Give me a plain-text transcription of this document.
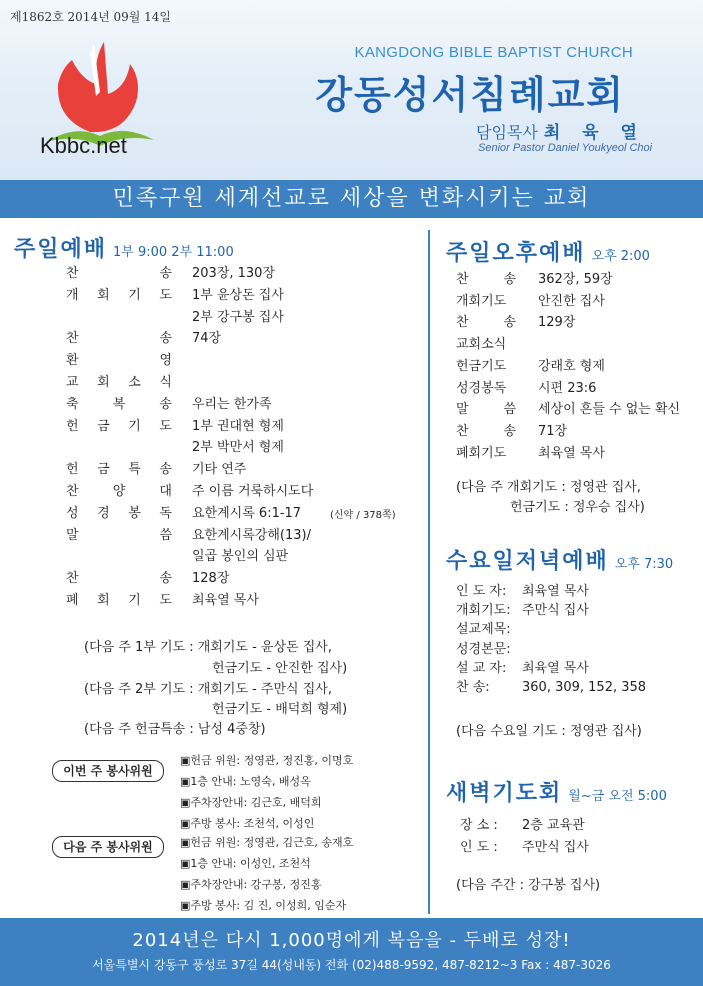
제1862호 2014년 09월 14일
Kbbc.net
KANGDONG BIBLE BAPTIST CHURCH
강동성서침례교회
담임목사 최 육 열
Senior Pastor Daniel Youkyeol Choi
민족구원 세계선교로 세상을 변화시키는 교회
주일예배 1부 9:00 2부 11:00
찬 송 203장, 130장
개 회 기 도 1부 윤상돈 집사
2부 강구봉 집사
찬 송 74장
환 영
교 회 소 식
축 복 송 우리는 한가족
헌 금 기 도 1부 권대현 형제
2부 박만서 형제
헌 금 특 송 기타 연주
찬 양 대 주 이름 거룩하시도다
성 경 봉 독 요한계시록 6:1-17	(신약 / 378쪽)
말 씀 요한계시록강해(13)/
일곱 봉인의 심판
찬 송 128장
폐 회 기 도 최육열 목사
(다음 주 1부 기도 : 개회기도 - 윤상돈 집사,
헌금기도 - 안진한 집사)
(다음 주 2부 기도 : 개회기도 - 주만식 집사,
헌금기도 - 배덕희 형제)
(다음 주 헌금특송 : 남성 4중창)
이번 주 봉사위원
▣헌금 위원: 정영관, 정진홍, 이명호
▣1층 안내: 노영숙, 배성옥
▣주차장안내: 김근호, 배덕희
▣주방 봉사: 조천석, 이성인
다음 주 봉사위원	▣헌금 위원: 정영관, 김근호, 송재호
▣1층 안내: 이성인, 조천석
▣주차장안내: 강구봉, 정진홍
▣주방 봉사: 김 진, 이성희, 임순자
주일오후예배 오후 2:00
찬 송 362장, 59장
개회기도 안진한 집사
찬 송 129장
교회소식
헌금기도 강래호 형제
성경봉독 시편 23:6
말 씀 세상이 흔들 수 없는 확신
찬 송 71장
폐회기도 최육열 목사
(다음 주 개회기도 : 정영관 집사,
헌금기도 : 정우승 집사)
수요일저녁예배 오후 7:30
인 도 자: 최육열 목사
개회기도: 주만식 집사
설교제목:
성경본문:
설 교 자: 최육열 목사
찬 송: 360, 309, 152, 358
(다음 수요일 기도 : 정영관 집사)
새벽기도회 월~금 오전 5:00
장 소 : 2층 교육관
인 도 : 주만식 집사
(다음 주간 : 강구봉 집사)
2014년은 다시 1,000명에게 복음을 - 두배로 성장!
서울특별시 강동구 풍성로 37길 44(성내동) 전화 (02)488-9592, 487-8212~3 Fax : 487-3026
